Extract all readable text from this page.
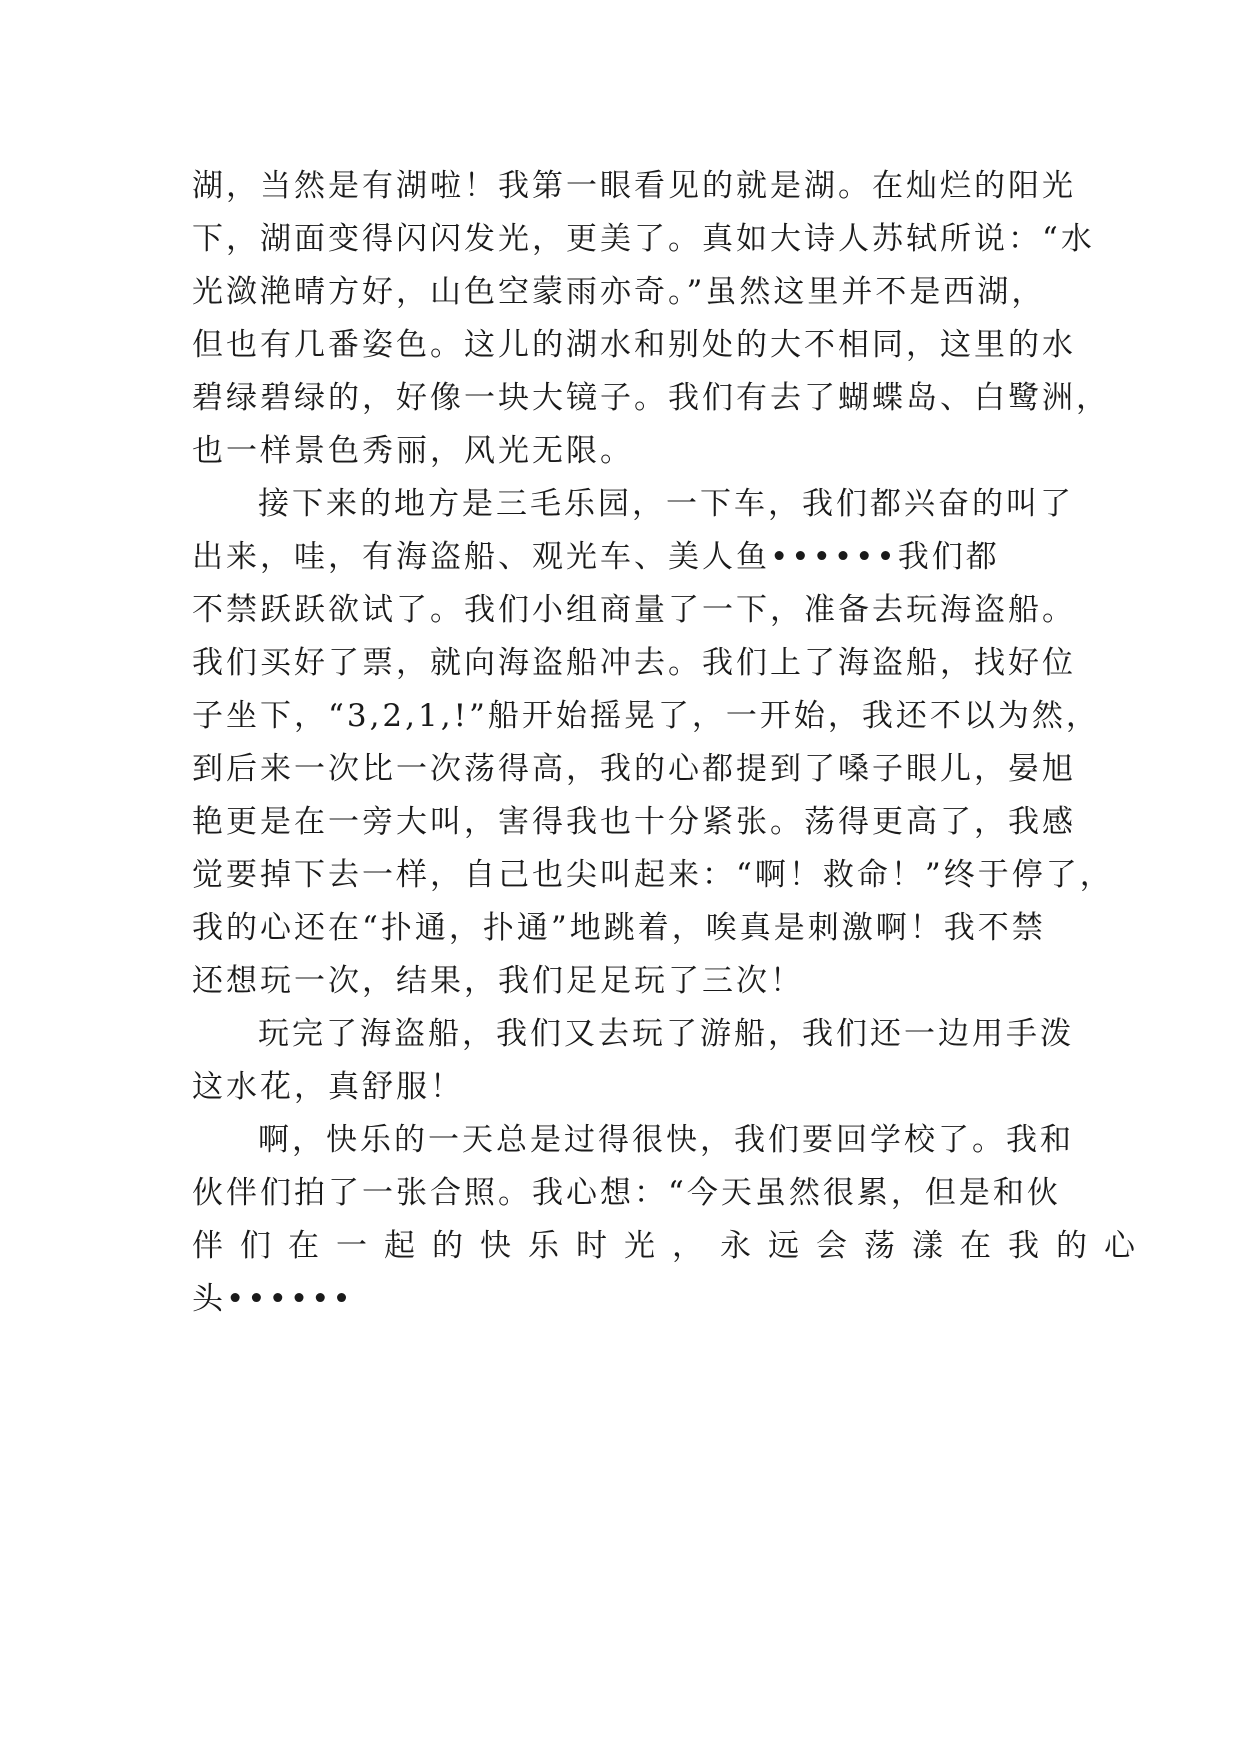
湖，当然是有湖啦！我第一眼看见的就是湖。在灿烂的阳光
下，湖面变得闪闪发光，更美了。真如大诗人苏轼所说：“水
光潋滟晴方好，山色空蒙雨亦奇。”虽然这里并不是西湖，
但也有几番姿色。这儿的湖水和别处的大不相同，这里的水
碧绿碧绿的，好像一块大镜子。我们有去了蝴蝶岛、白鹭洲，
也一样景色秀丽，风光无限。
接下来的地方是三毛乐园，一下车，我们都兴奋的叫了
出来，哇，有海盗船、观光车、美人鱼••••••我们都
不禁跃跃欲试了。我们小组商量了一下，准备去玩海盗船。
我们买好了票，就向海盗船冲去。我们上了海盗船，找好位
子坐下，“3,2,1,!”船开始摇晃了，一开始，我还不以为然，
到后来一次比一次荡得高，我的心都提到了嗓子眼儿，晏旭
艳更是在一旁大叫，害得我也十分紧张。荡得更高了，我感
觉要掉下去一样，自己也尖叫起来：“啊！救命！”终于停了，
我的心还在“扑通，扑通”地跳着，唉真是刺激啊！我不禁
还想玩一次，结果，我们足足玩了三次！
玩完了海盗船，我们又去玩了游船，我们还一边用手泼
这水花，真舒服！
啊，快乐的一天总是过得很快，我们要回学校了。我和
伙伴们拍了一张合照。我心想：“今天虽然很累，但是和伙
伴们在一起的快乐时光，永远会荡漾在我的心
头••••••
